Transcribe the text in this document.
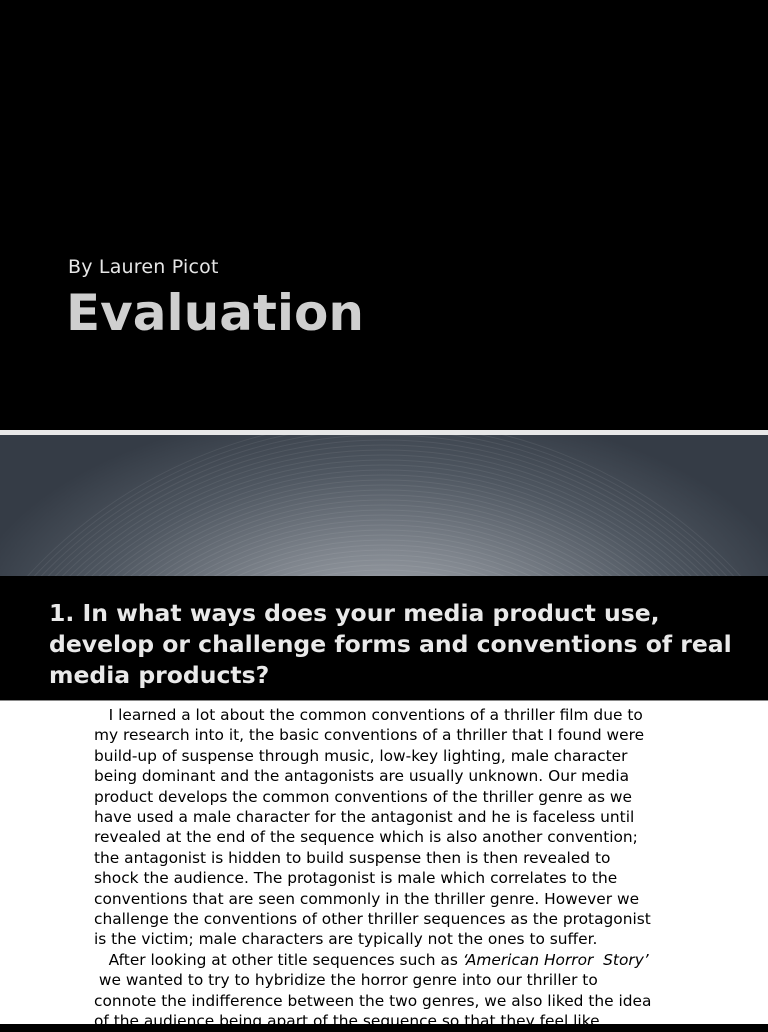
By Lauren Picot
Evaluation
1. In what ways does your media product use, develop or challenge forms and conventions of real media products?
I learned a lot about the common conventions of a thriller film due to
my research into it, the basic conventions of a thriller that I found were
build-up of suspense through music, low-key lighting, male character
being dominant and the antagonists are usually unknown. Our media
product develops the common conventions of the thriller genre as we
have used a male character for the antagonist and he is faceless until
revealed at the end of the sequence which is also another convention;
the antagonist is hidden to build suspense then is then revealed to
shock the audience. The protagonist is male which correlates to the
conventions that are seen commonly in the thriller genre. However we
challenge the conventions of other thriller sequences as the protagonist
is the victim; male characters are typically not the ones to suffer.
After looking at other title sequences such as ‘American Horror  Story’
we wanted to try to hybridize the horror genre into our thriller to
connote the indifference between the two genres, we also liked the idea
of the audience being apart of the sequence so that they feel like
